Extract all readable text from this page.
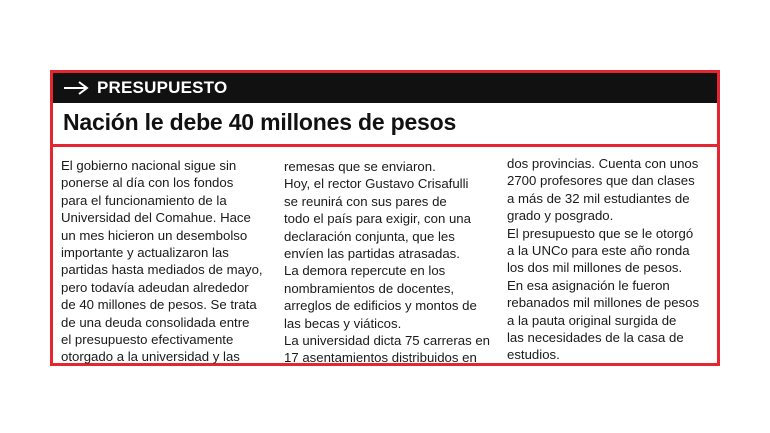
PRESUPUESTO
Nación le debe 40 millones de pesos
El gobierno nacional sigue sin
ponerse al día con los fondos
para el funcionamiento de la
Universidad del Comahue. Hace
un mes hicieron un desembolso
importante y actualizaron las
partidas hasta mediados de mayo,
pero todavía adeudan alrededor
de 40 millones de pesos. Se trata
de una deuda consolidada entre
el presupuesto efectivamente
otorgado a la universidad y las
remesas que se enviaron.
Hoy, el rector Gustavo Crisafulli
se reunirá con sus pares de
todo el país para exigir, con una
declaración conjunta, que les
envíen las partidas atrasadas.
La demora repercute en los
nombramientos de docentes,
arreglos de edificios y montos de
las becas y viáticos.
La universidad dicta 75 carreras en
17 asentamientos distribuidos en
dos provincias. Cuenta con unos
2700 profesores que dan clases
a más de 32 mil estudiantes de
grado y posgrado.
El presupuesto que se le otorgó
a la UNCo para este año ronda
los dos mil millones de pesos.
En esa asignación le fueron
rebanados mil millones de pesos
a la pauta original surgida de
las necesidades de la casa de
estudios.
